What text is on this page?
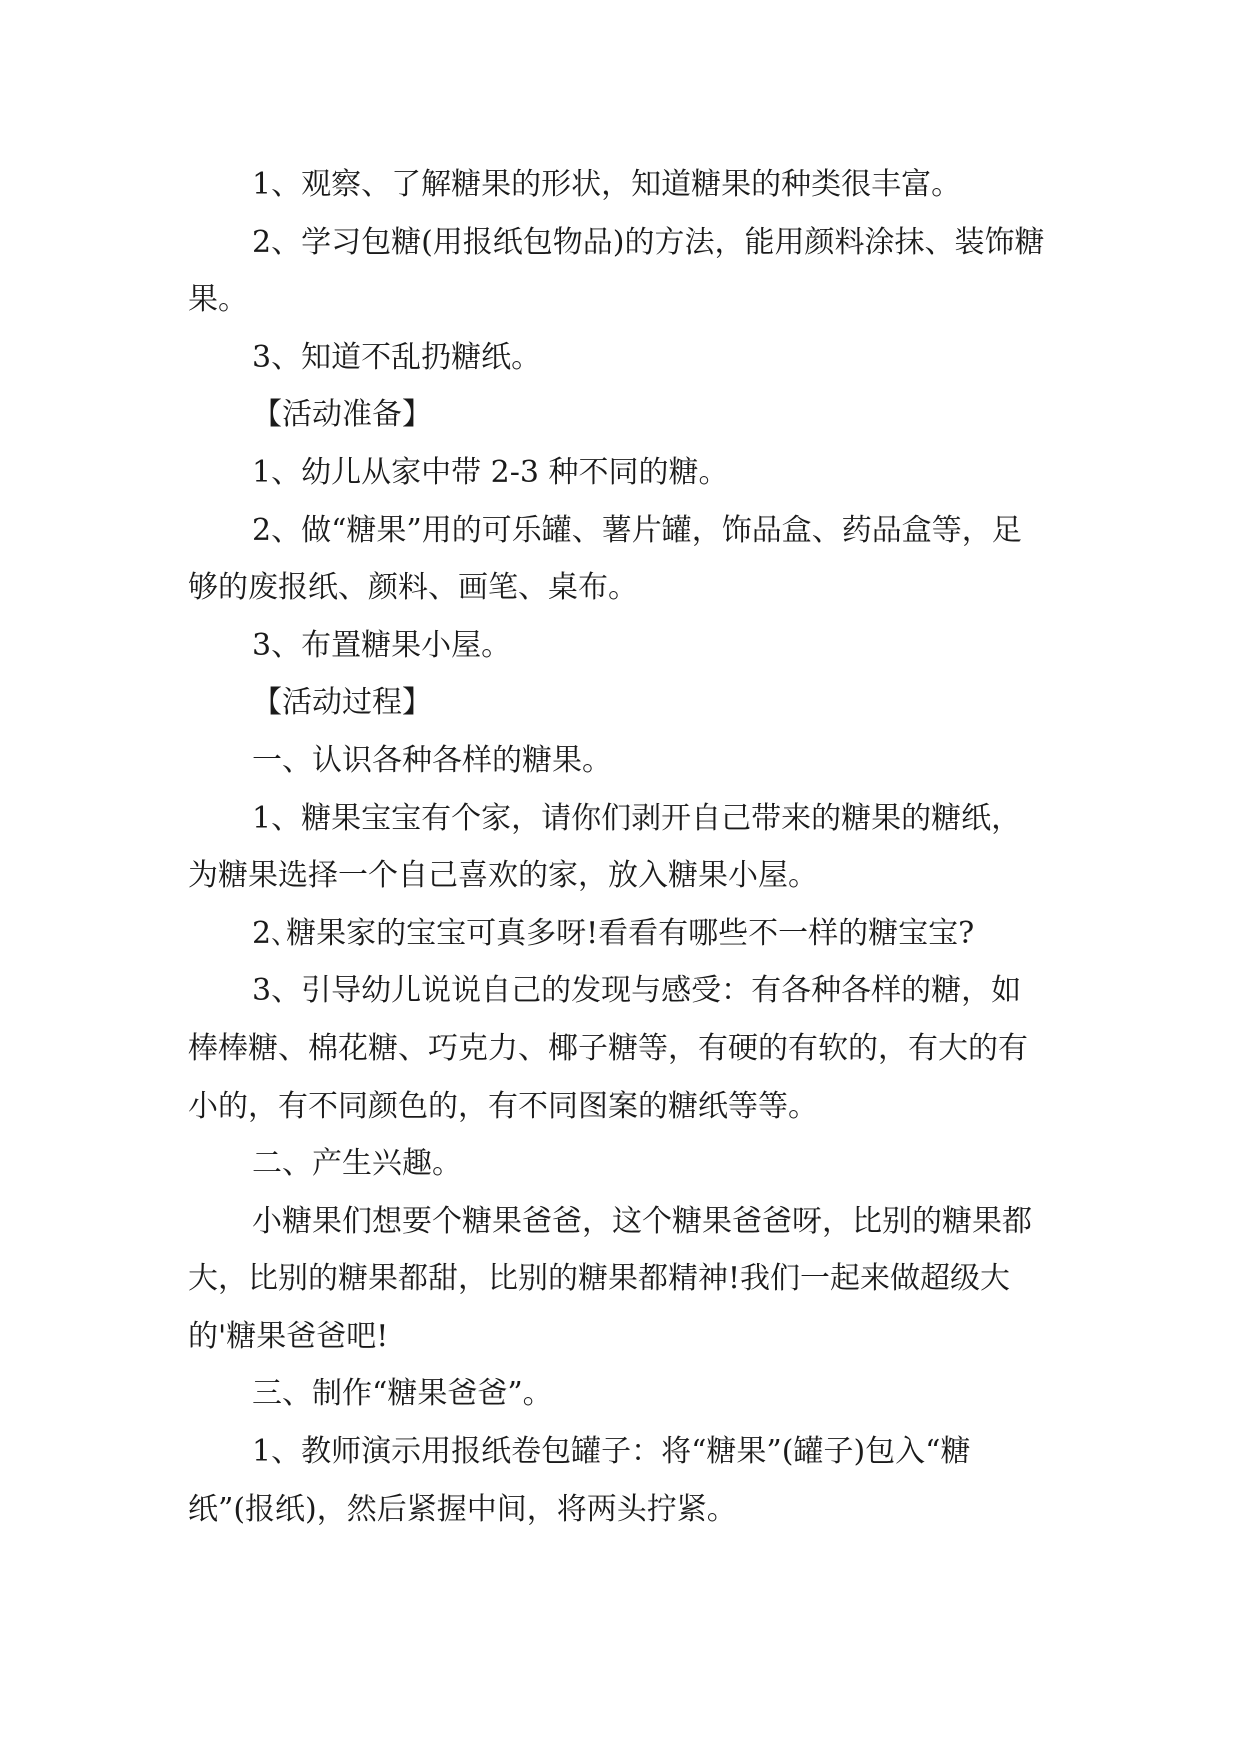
1、观察、了解糖果的形状，知道糖果的种类很丰富。

2、学习包糖(用报纸包物品)的方法，能用颜料涂抹、装饰糖果。

3、知道不乱扔糖纸。

【活动准备】

1、幼儿从家中带 2-3 种不同的糖。

2、做“糖果”用的可乐罐、薯片罐，饰品盒、药品盒等，足够的废报纸、颜料、画笔、桌布。

3、布置糖果小屋。

【活动过程】

一、认识各种各样的糖果。

1、糖果宝宝有个家，请你们剥开自己带来的糖果的糖纸，为糖果选择一个自己喜欢的家，放入糖果小屋。

2､糖果家的宝宝可真多呀!看看有哪些不一样的糖宝宝?

3、引导幼儿说说自己的发现与感受：有各种各样的糖，如棒棒糖、棉花糖、巧克力、椰子糖等，有硬的有软的，有大的有小的，有不同颜色的，有不同图案的糖纸等等。

二、产生兴趣。

小糖果们想要个糖果爸爸，这个糖果爸爸呀，比别的糖果都大，比别的糖果都甜，比别的糖果都精神!我们一起来做超级大的'糖果爸爸吧!

三、制作“糖果爸爸”。

1、教师演示用报纸卷包罐子：将“糖果”(罐子)包入“糖纸”(报纸)，然后紧握中间，将两头拧紧。
